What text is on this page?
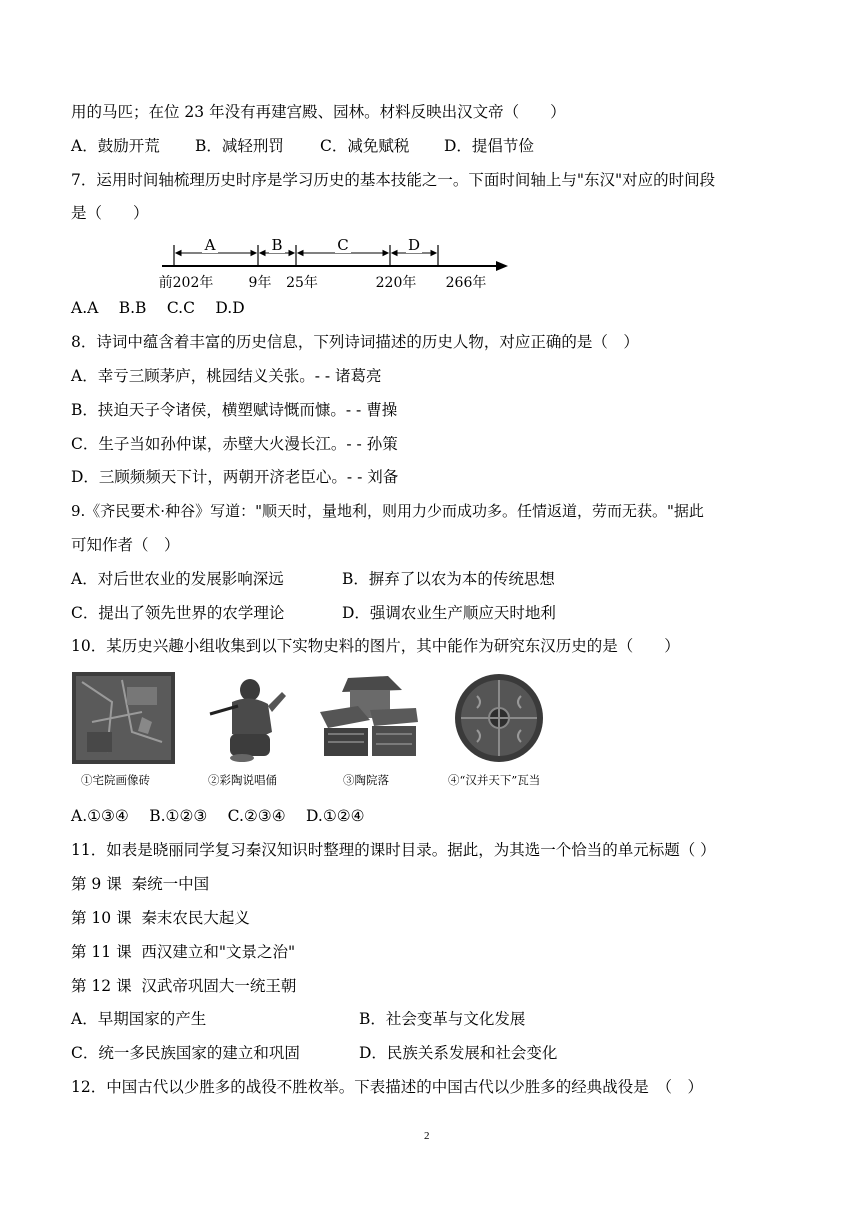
用的马匹；在位 23 年没有再建宫殿、园林。材料反映出汉文帝（　　）
A．鼓励开荒 B．减轻刑罚 C．减免赋税 D．提倡节俭
7．运用时间轴梳理历史时序是学习历史的基本技能之一。下面时间轴上与"东汉"对应的时间段
是（　　）
A	B	C	D
前202年	9年 25年	220年 266年
A.A　 B.B　 C.C　 D.D
8．诗词中蕴含着丰富的历史信息，下列诗词描述的历史人物，对应正确的是（　）
A．幸亏三顾茅庐，桃园结义关张。- - 诸葛亮
B．挟迫天子令诸侯，横塑赋诗慨而慷。- - 曹操
C．生子当如孙仲谋，赤壁大火漫长江。- - 孙策
D．三顾频频天下计，两朝开济老臣心。- - 刘备
9.《齐民要术·种谷》写道："顺天时，量地利，则用力少而成功多。任情返道，劳而无获。"据此
可知作者（　）
A．对后世农业的发展影响深远	B．摒弃了以农为本的传统思想
C．提出了领先世界的农学理论	D．强调农业生产顺应天时地利
10．某历史兴趣小组收集到以下实物史料的图片，其中能作为研究东汉历史的是（　　）
①宅院画像砖	②彩陶说唱俑	③陶院落	④“汉并天下”瓦当
A.①③④　 B.①②③　 C.②③④　 D.①②④
11．如表是晓丽同学复习秦汉知识时整理的课时目录。据此，为其选一个恰当的单元标题（ ）
第 9 课  秦统一中国
第 10 课  秦末农民大起义
第 11 课  西汉建立和"文景之治"
第 12 课  汉武帝巩固大一统王朝
A．早期国家的产生	B．社会变革与文化发展
C．统一多民族国家的建立和巩固	D．民族关系发展和社会变化
12．中国古代以少胜多的战役不胜枚举。下表描述的中国古代以少胜多的经典战役是　（　）
2
